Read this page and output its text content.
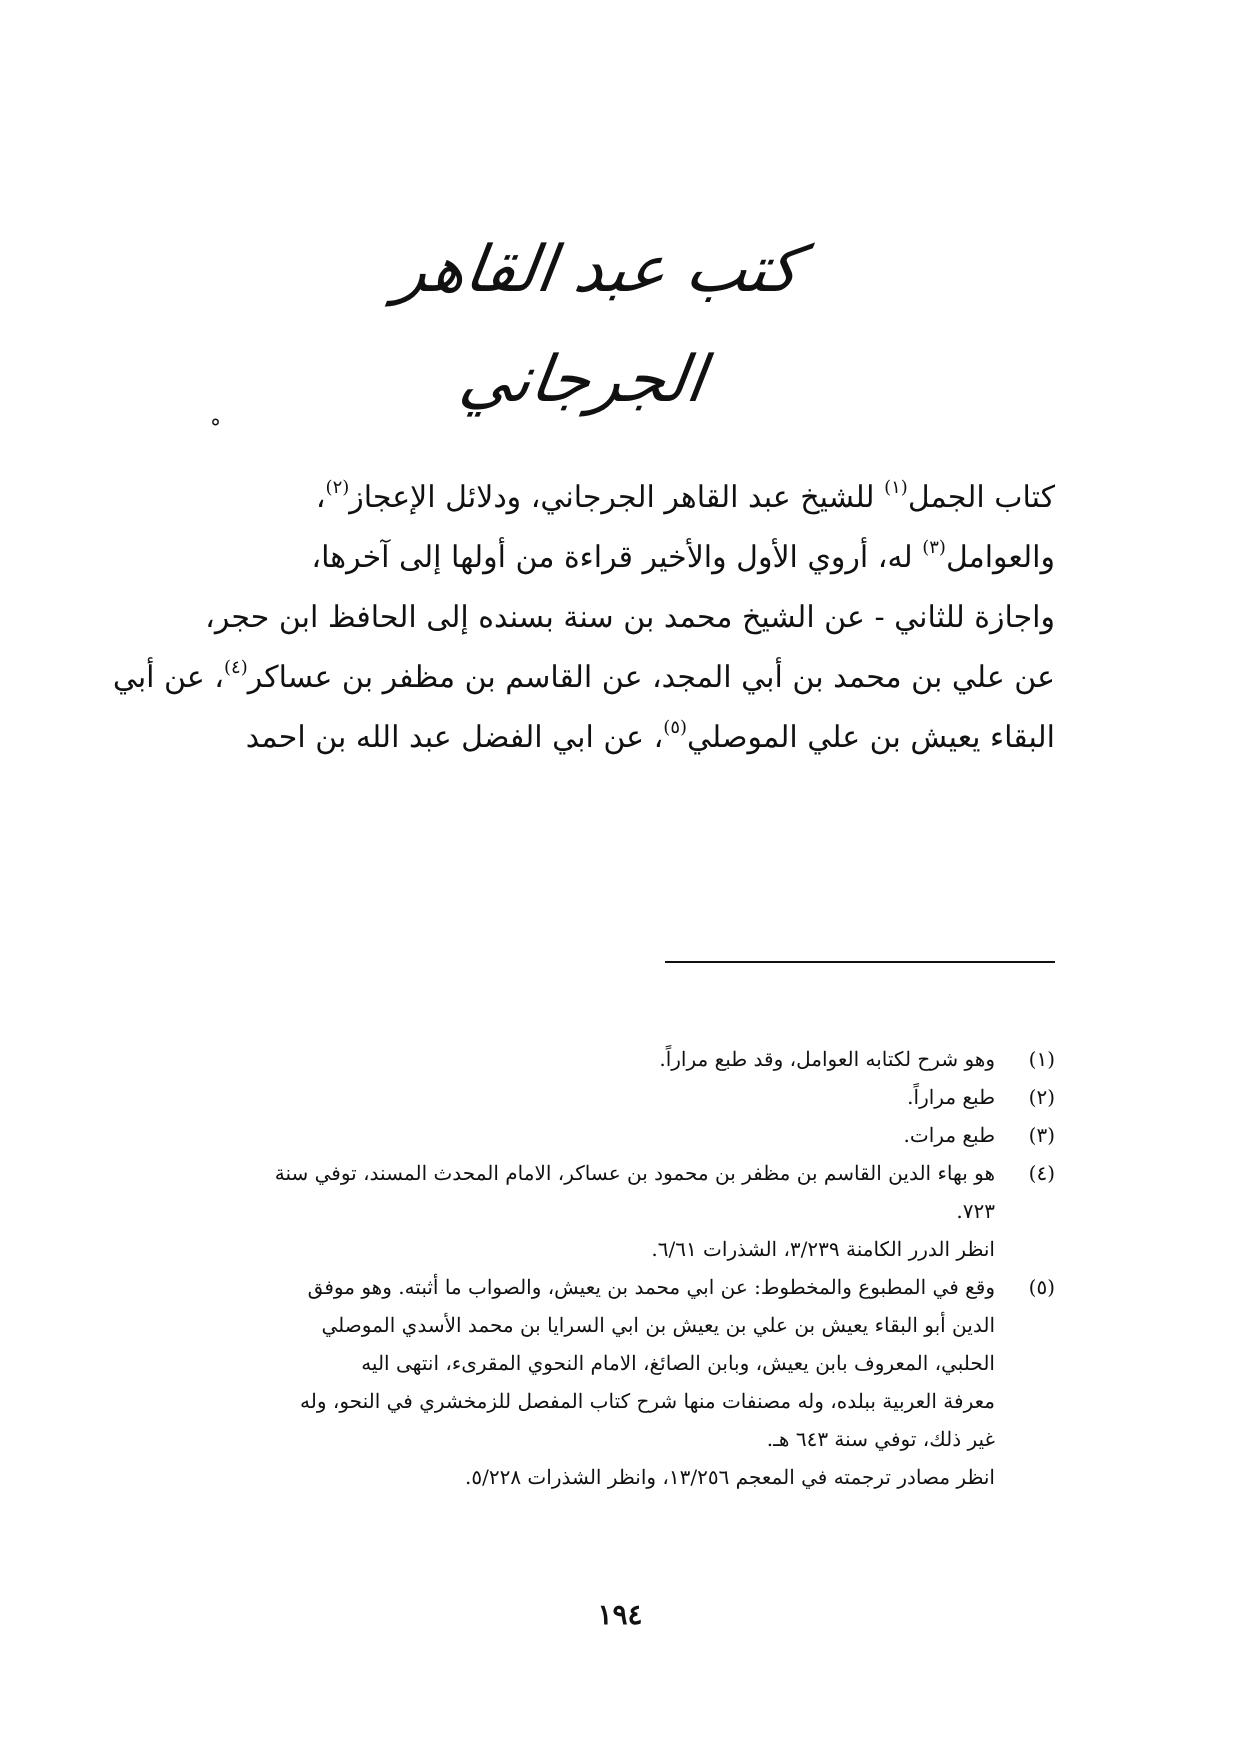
كتب عبد القاهر الجرجاني
°
كتاب الجمل$^{(١)}$ للشيخ عبد القاهر الجرجاني، ودلائل الإعجاز$^{(٢)}$،
والعوامل$^{(٣)}$ له، أروي الأول والأخير قراءة من أولها إلى آخرها،
واجازة للثاني - عن الشيخ محمد بن سنة بسنده إلى الحافظ ابن حجر،
عن علي بن محمد بن أبي المجد، عن القاسم بن مظفر بن عساكر$^{(٤)}$، عن أبي
البقاء يعيش بن علي الموصلي$^{(٥)}$، عن ابي الفضل عبد الله بن احمد
(١)
وهو شرح لكتابه العوامل، وقد طبع مراراً.
(٢)
طبع مراراً.
(٣)
طبع مرات.
(٤)
هو بهاء الدين القاسم بن مظفر بن محمود بن عساكر، الامام المحدث المسند، توفي سنة
٧٢٣.
انظر الدرر الكامنة ٣/٢٣٩، الشذرات ٦/٦١.
(٥)
وقع في المطبوع والمخطوط: عن ابي محمد بن يعيش، والصواب ما أثبته. وهو موفق
الدين أبو البقاء يعيش بن علي بن يعيش بن ابي السرايا بن محمد الأسدي الموصلي
الحلبي، المعروف بابن يعيش، وبابن الصائغ، الامام النحوي المقرىء، انتهى اليه
معرفة العربية ببلده، وله مصنفات منها شرح كتاب المفصل للزمخشري في النحو، وله
غير ذلك، توفي سنة ٦٤٣ هـ.
انظر مصادر ترجمته في المعجم ١٣/٢٥٦، وانظر الشذرات ٥/٢٢٨.
١٩٤
